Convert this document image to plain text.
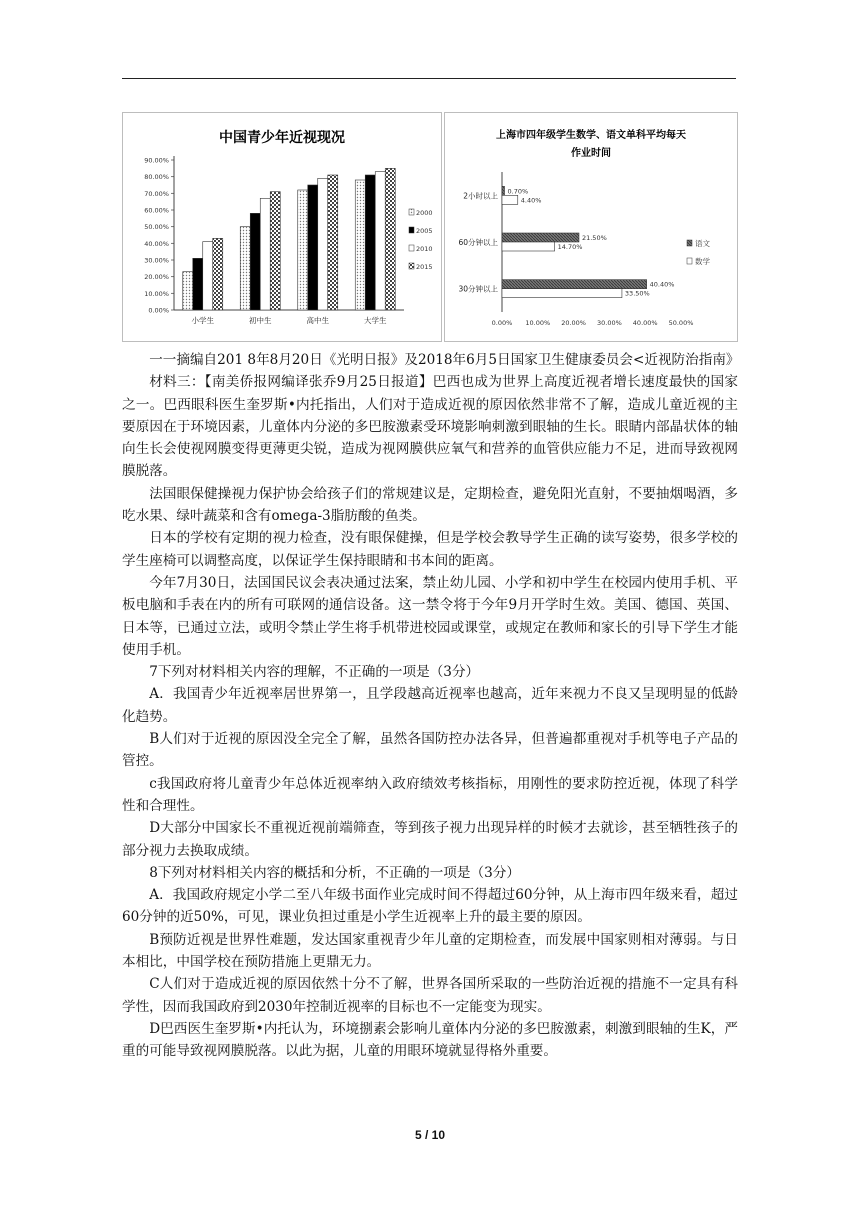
中国青少年近视现况
0.00%
10.00%
20.00%
30.00%
40.00%
50.00%
60.00%
70.00%
80.00%
90.00%
小学生	初中生	高中生	大学生
2000
2005
2010
2015
上海市四年级学生数学、语文单科平均每天
作业时间
0.00% 10.00% 20.00% 30.00% 40.00% 50.00%
2小时以上 0.70%
4.40%
60分钟以上	21.50%
14.70%
30分钟以上	40.40%
33.50%
语文
数学

一一摘编自201 8年8月20日《光明日报》及2018年6月5日国家卫生健康委员会<近视防治指南》

材料三：【南美侨报网编译张乔9月25日报道】巴西也成为世界上高度近视者增长速度最快的国家之一。巴西眼科医生奎罗斯•内托指出，人们对于造成近视的原因依然非常不了解，造成儿童近视的主要原因在于环境因素，儿童体内分泌的多巴胺激素受环境影响刺激到眼轴的生长。眼睛内部晶状体的轴向生长会使视网膜变得更薄更尖锐，造成为视网膜供应氧气和营养的血管供应能力不足，进而导致视网膜脱落。

法国眼保健操视力保护协会给孩子们的常规建议是，定期检查，避免阳光直射，不要抽烟喝酒，多吃水果、绿叶蔬菜和含有omega-3脂肪酸的鱼类。

日本的学校有定期的视力检查，没有眼保健操，但是学校会教导学生正确的读写姿势，很多学校的学生座椅可以调整高度，以保证学生保持眼睛和书本间的距离。

今年7月30日，法国国民议会表决通过法案，禁止幼儿园、小学和初中学生在校园内使用手机、平板电脑和手表在内的所有可联网的通信设备。这一禁令将于今年9月开学时生效。美国、德国、英国、日本等，已通过立法，或明令禁止学生将手机带进校园或课堂，或规定在教师和家长的引导下学生才能使用手机。

7下列对材料相关内容的理解，不正确的一项是（3分）

A．我国青少年近视率居世界第一，且学段越高近视率也越高，近年来视力不良又呈现明显的低龄化趋势。

B人们对于近视的原因没全完全了解，虽然各国防控办法各异，但普遍都重视对手机等电子产品的管控。

c我国政府将儿童青少年总体近视率纳入政府绩效考核指标，用刚性的要求防控近视，体现了科学性和合理性。

D大部分中国家长不重视近视前端筛查，等到孩子视力出现异样的时候才去就诊，甚至牺牲孩子的部分视力去换取成绩。

8下列对材料相关内容的概括和分析，不正确的一项是（3分）

A．我国政府规定小学二至八年级书面作业完成时间不得超过60分钟，从上海市四年级来看，超过60分钟的近50%，可见，课业负担过重是小学生近视率上升的最主要的原因。

B预防近视是世界性难题，发达国家重视青少年儿童的定期检查，而发展中国家则相对薄弱。与日本相比，中国学校在预防措施上更鼎无力。

C人们对于造成近视的原因依然十分不了解，世界各国所采取的一些防治近视的措施不一定具有科学性，因而我国政府到2030年控制近视率的目标也不一定能变为现实。

D巴西医生奎罗斯•内托认为，环境捌素会影响儿童体内分泌的多巴胺激素，刺激到眼轴的生K，严重的可能导致视网膜脱落。以此为据，儿童的用眼环境就显得格外重要。

5 / 10
